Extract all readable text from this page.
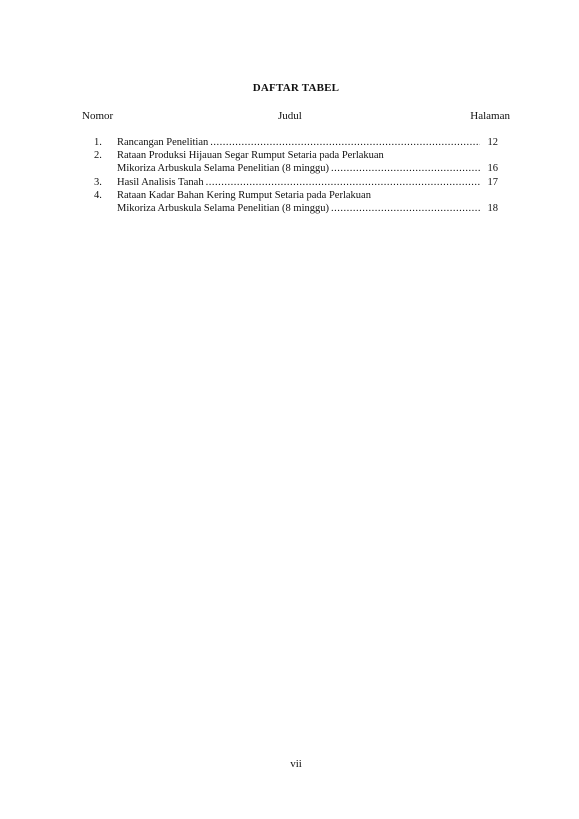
DAFTAR TABEL
Nomor	Judul	Halaman
1.	Rancangan Penelitian .....	12
2.	Rataan Produksi Hijauan Segar Rumput Setaria pada Perlakuan
Mikoriza Arbuskula Selama Penelitian (8 minggu) .....	16
3.	Hasil Analisis Tanah .....	17
4.	Rataan Kadar Bahan Kering Rumput Setaria pada Perlakuan
Mikoriza Arbuskula Selama Penelitian (8 minggu) .....	18
vii
